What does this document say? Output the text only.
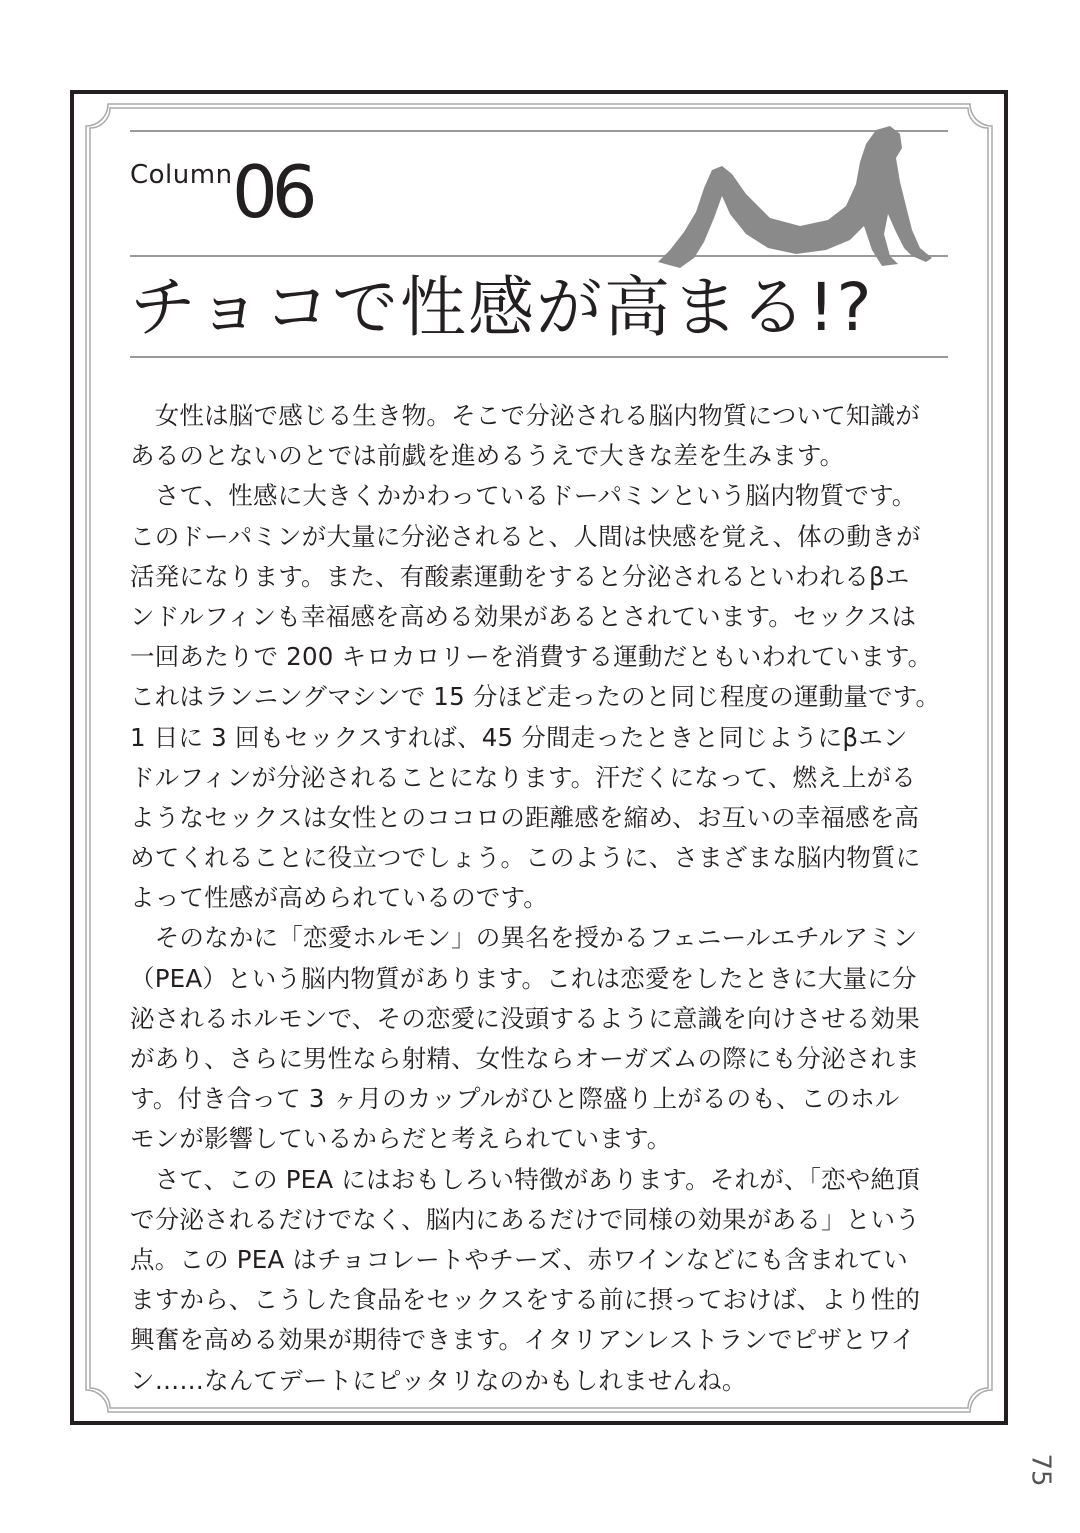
Column 06
チョコで性感が高まる!?
　女性は脳で感じる生き物。そこで分泌される脳内物質について知識が
あるのとないのとでは前戯を進めるうえで大きな差を生みます。
　さて、性感に大きくかかわっているドーパミンという脳内物質です。
このドーパミンが大量に分泌されると、人間は快感を覚え、体の動きが
活発になります。また、有酸素運動をすると分泌されるといわれるβエ
ンドルフィンも幸福感を高める効果があるとされています。セックスは
一回あたりで 200 キロカロリーを消費する運動だともいわれています。
これはランニングマシンで 15 分ほど走ったのと同じ程度の運動量です。
1 日に 3 回もセックスすれば、45 分間走ったときと同じようにβエン
ドルフィンが分泌されることになります。汗だくになって、燃え上がる
ようなセックスは女性とのココロの距離感を縮め、お互いの幸福感を高
めてくれることに役立つでしょう。このように、さまざまな脳内物質に
よって性感が高められているのです。
　そのなかに「恋愛ホルモン」の異名を授かるフェニールエチルアミン
（PEA）という脳内物質があります。これは恋愛をしたときに大量に分
泌されるホルモンで、その恋愛に没頭するように意識を向けさせる効果
があり、さらに男性なら射精、女性ならオーガズムの際にも分泌されま
す。付き合って 3 ヶ月のカップルがひと際盛り上がるのも、このホル
モンが影響しているからだと考えられています。
　さて、この PEA にはおもしろい特徴があります。それが、「恋や絶頂
で分泌されるだけでなく、脳内にあるだけで同様の効果がある」という
点。この PEA はチョコレートやチーズ、赤ワインなどにも含まれてい
ますから、こうした食品をセックスをする前に摂っておけば、より性的
興奮を高める効果が期待できます。イタリアンレストランでピザとワイ
ン……なんてデートにピッタリなのかもしれませんね。
75
